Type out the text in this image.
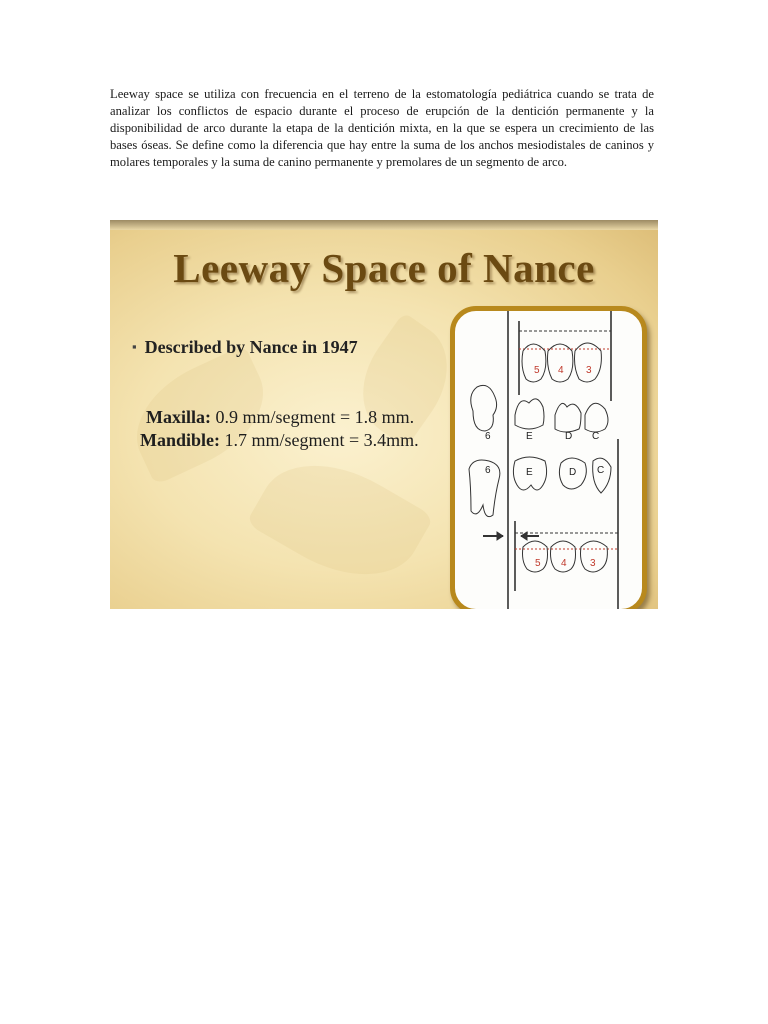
Leeway space se utiliza con frecuencia en el terreno de la estomatología pediátrica cuando se trata de analizar los conflictos de espacio durante el proceso de erupción de la dentición permanente y la disponibilidad de arco durante la etapa de la dentición mixta, en la que se espera un crecimiento de las bases óseas. Se define como la diferencia que hay entre la suma de los anchos mesiodistales de caninos y molares temporales y la suma de canino permanente y premolares de un segmento de arco.

Leeway Space of Nance
▪ Described by Nance in 1947
Maxilla: 0.9 mm/segment = 1.8 mm.
Mandible: 1.7 mm/segment = 3.4mm.
5 4 3
6	E	D C
6	E	D C
5 4 3
